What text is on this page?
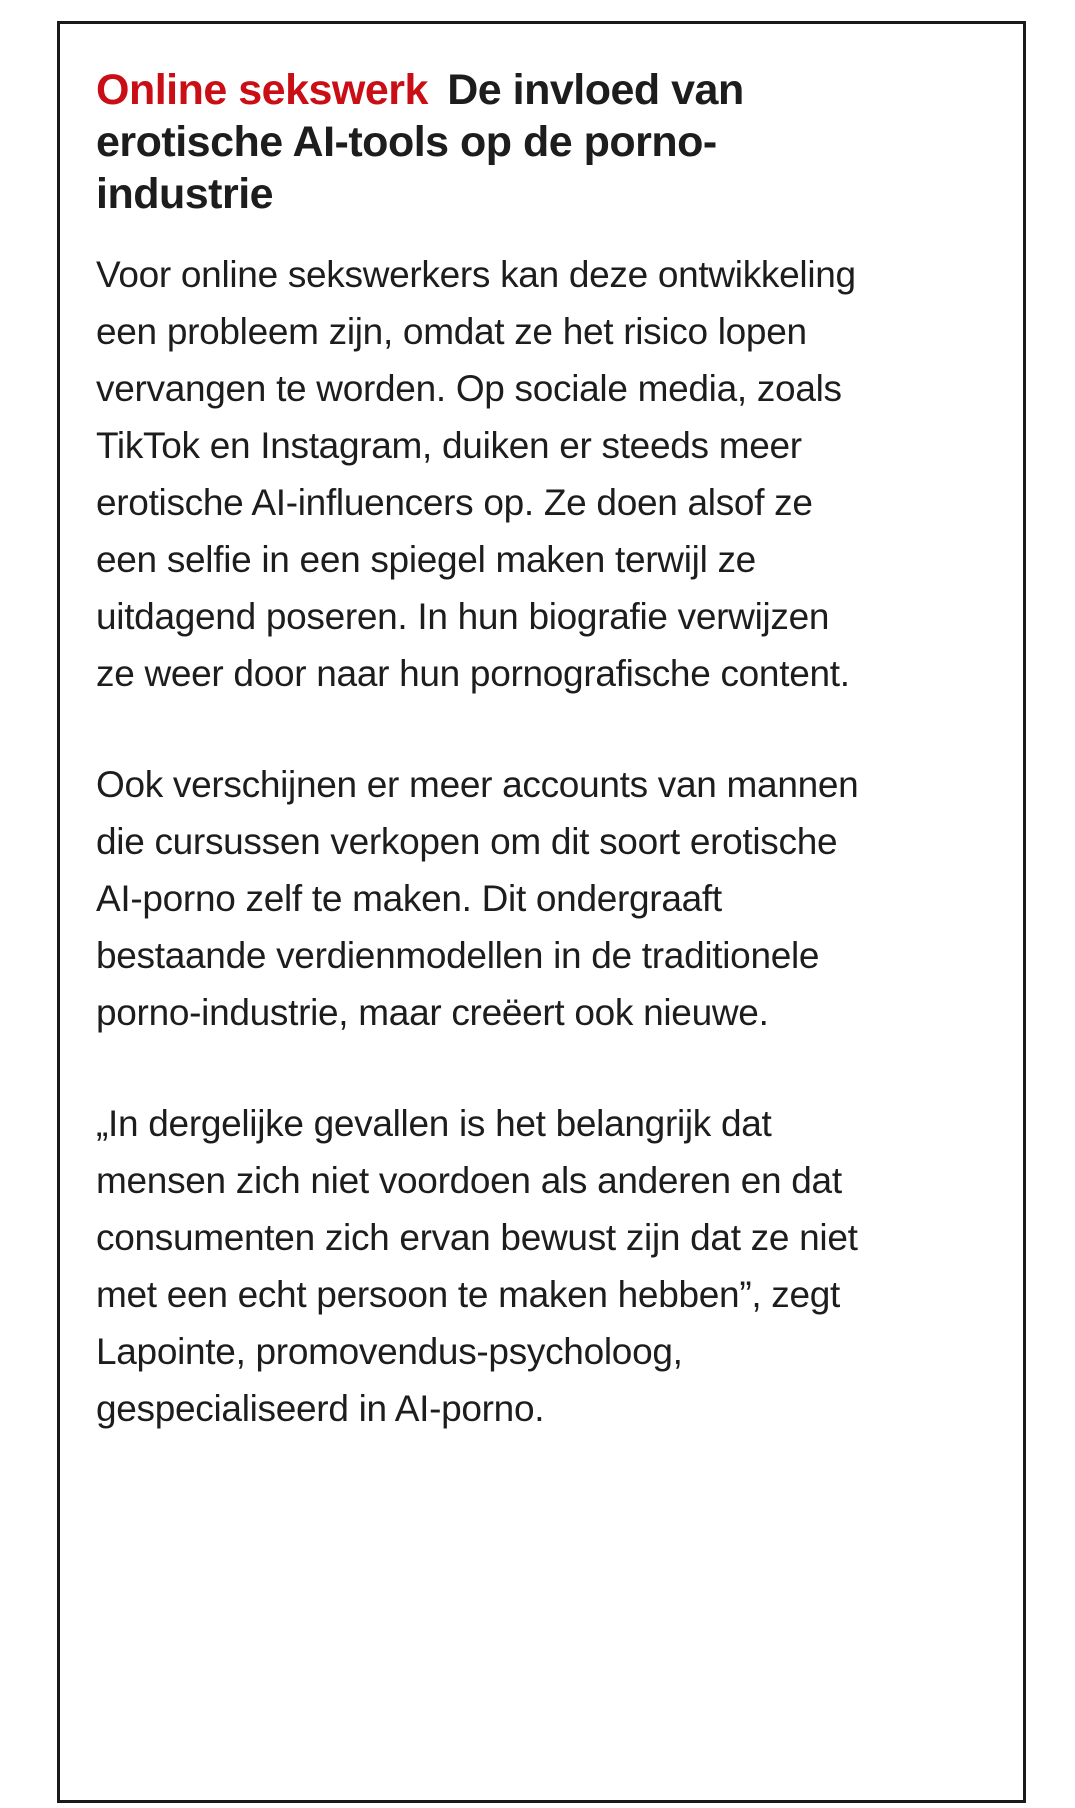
Online sekswerk De invloed van erotische AI-tools op de porno-industrie

Voor online sekswerkers kan deze ontwikkeling een probleem zijn, omdat ze het risico lopen vervangen te worden. Op sociale media, zoals TikTok en Instagram, duiken er steeds meer erotische AI-influencers op. Ze doen alsof ze een selfie in een spiegel maken terwijl ze uitdagend poseren. In hun biografie verwijzen ze weer door naar hun pornografische content.

Ook verschijnen er meer accounts van mannen die cursussen verkopen om dit soort erotische AI-porno zelf te maken. Dit ondergraaft bestaande verdienmodellen in de traditionele porno-industrie, maar creëert ook nieuwe.

„In dergelijke gevallen is het belangrijk dat mensen zich niet voordoen als anderen en dat consumenten zich ervan bewust zijn dat ze niet met een echt persoon te maken hebben”, zegt Lapointe, promovendus-psycholoog, gespecialiseerd in AI-porno.
